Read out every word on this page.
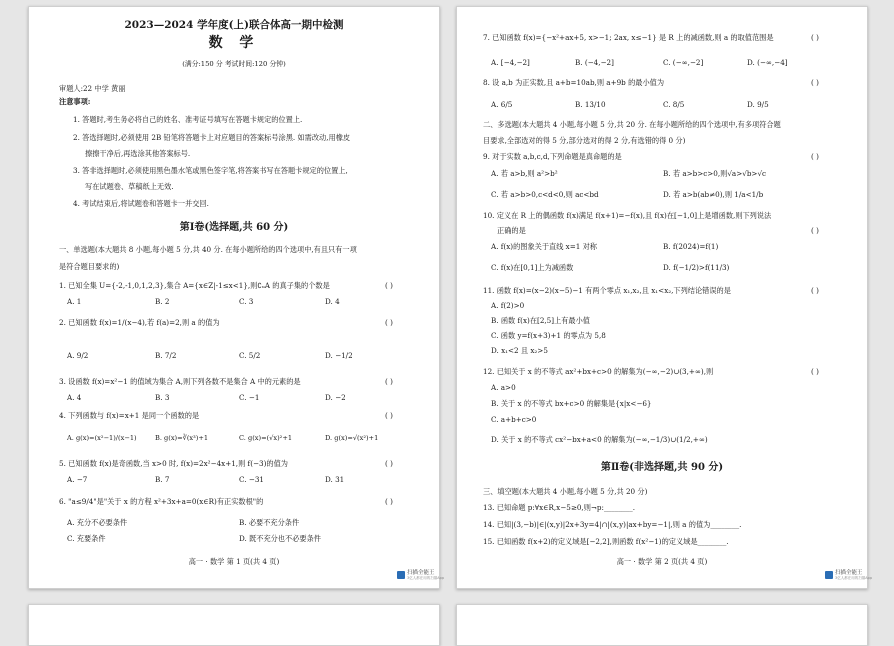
2023—2024 学年度(上)联合体高一期中检测
数 学
(满分:150 分 考试时间:120 分钟)
审题人:22 中学 黄丽
注意事项:
1. 答题时,考生务必将自己的姓名、准考证号填写在答题卡规定的位置上.
2. 答选择题时,必须使用 2B 铅笔将答题卡上对应题目的答案标号涂黑. 如需改动,用橡皮
擦擦干净后,再选涂其他答案标号.
3. 答非选择题时,必须使用黑色墨水笔或黑色签字笔,将答案书写在答题卡规定的位置上,
写在试题卷、草稿纸上无效.
4. 考试结束后,将试题卷和答题卡一并交回.
第Ⅰ卷(选择题,共 60 分)
一、单选题(本大题共 8 小题,每小题 5 分,共 40 分. 在每小题所给的四个选项中,有且只有一项
是符合题目要求的)
1. 已知全集 U={-2,-1,0,1,2,3},集合 A={x∈Z|-1≤x<1},则∁ᵤA 的真子集的个数是	( )
A. 1	B. 2	C. 3	D. 4
2. 已知函数 f(x)=1/(x−4),若 f(a)=2,则 a 的值为	( )
A. 9/2	B. 7/2	C. 5/2	D. −1/2
3. 设函数 f(x)=x²−1 的值域为集合 A,则下列各数不是集合 A 中的元素的是	( )
A. 4	B. 3	C. −1	D. −2
4. 下列函数与 f(x)=x+1 是同一个函数的是	( )
A. g(x)=(x²−1)/(x−1)	B. g(x)=∛(x³)+1	C. g(x)=(√x)²+1	D. g(x)=√(x²)+1
5. 已知函数 f(x)是奇函数,当 x>0 时, f(x)=2x²−4x+1,则 f(−3)的值为	( )
A. −7	B. 7	C. −31	D. 31
6. "a≤9/4"是"关于 x 的方程 x²+3x+a=0(x∈R)有正实数根"的	( )
A. 充分不必要条件	B. 必要不充分条件
C. 充要条件	D. 既不充分也不必要条件
高一 · 数学 第 1 页(共 4 页)
扫描全能王
3亿人都在用的扫描App
7. 已知函数 f(x)={−x²+ax+5, x>−1; 2ax, x≤−1} 是 R 上的减函数,则 a 的取值范围是	( )
A. [−4,−2]	B. (−4,−2]	C. (−∞,−2]	D. (−∞,−4]
8. 设 a,b 为正实数,且 a+b=10ab,则 a+9b 的最小值为	( )
A. 6/5	B. 13/10	C. 8/5	D. 9/5
二、多选题(本大题共 4 小题,每小题 5 分,共 20 分. 在每小题所给的四个选项中,有多项符合题
目要求,全部选对的得 5 分,部分选对的得 2 分,有选错的得 0 分)
9. 对于实数 a,b,c,d,下列命题是真命题的是	( )
A. 若 a>b,则 a²>b²	B. 若 a>b>c>0,则√a>√b>√c
C. 若 a>b>0,c<d<0,则 ac<bd	D. 若 a>b(ab≠0),则 1/a<1/b
10. 定义在 R 上的偶函数 f(x)满足 f(x+1)=−f(x),且 f(x)在[−1,0]上是增函数,则下列说法
正确的是	( )
A. f(x)的图象关于直线 x=1 对称	B. f(2024)=f(1)
C. f(x)在[0,1]上为减函数	D. f(−1/2)>f(11/3)
11. 函数 f(x)=(x−2)(x−5)−1 有两个零点 x₁,x₂,且 x₁<x₂,下列结论错误的是	( )
A. f(2)>0
B. 函数 f(x)在[2,5]上有最小值
C. 函数 y=f(x+3)+1 的零点为 5,8
D. x₁<2 且 x₂>5
12. 已知关于 x 的不等式 ax²+bx+c>0 的解集为(−∞,−2)∪(3,+∞),则	( )
A. a>0
B. 关于 x 的不等式 bx+c>0 的解集是{x|x<−6}
C. a+b+c>0
D. 关于 x 的不等式 cx²−bx+a<0 的解集为(−∞,−1/3)∪(1/2,+∞)
第Ⅱ卷(非选择题,共 90 分)
三、填空题(本大题共 4 小题,每小题 5 分,共 20 分)
13. 已知命题 p:∀x∈R,x−5≥0,则¬p:________.
14. 已知|(3,−b)|∈|(x,y)|2x+3y=4|∩|(x,y)|ax+by=−1|,则 a 的值为________.
15. 已知函数 f(x+2)的定义域是[−2,2],则函数 f(x²−1)的定义域是________.
高一 · 数学 第 2 页(共 4 页)
扫描全能王
3亿人都在用的扫描App
